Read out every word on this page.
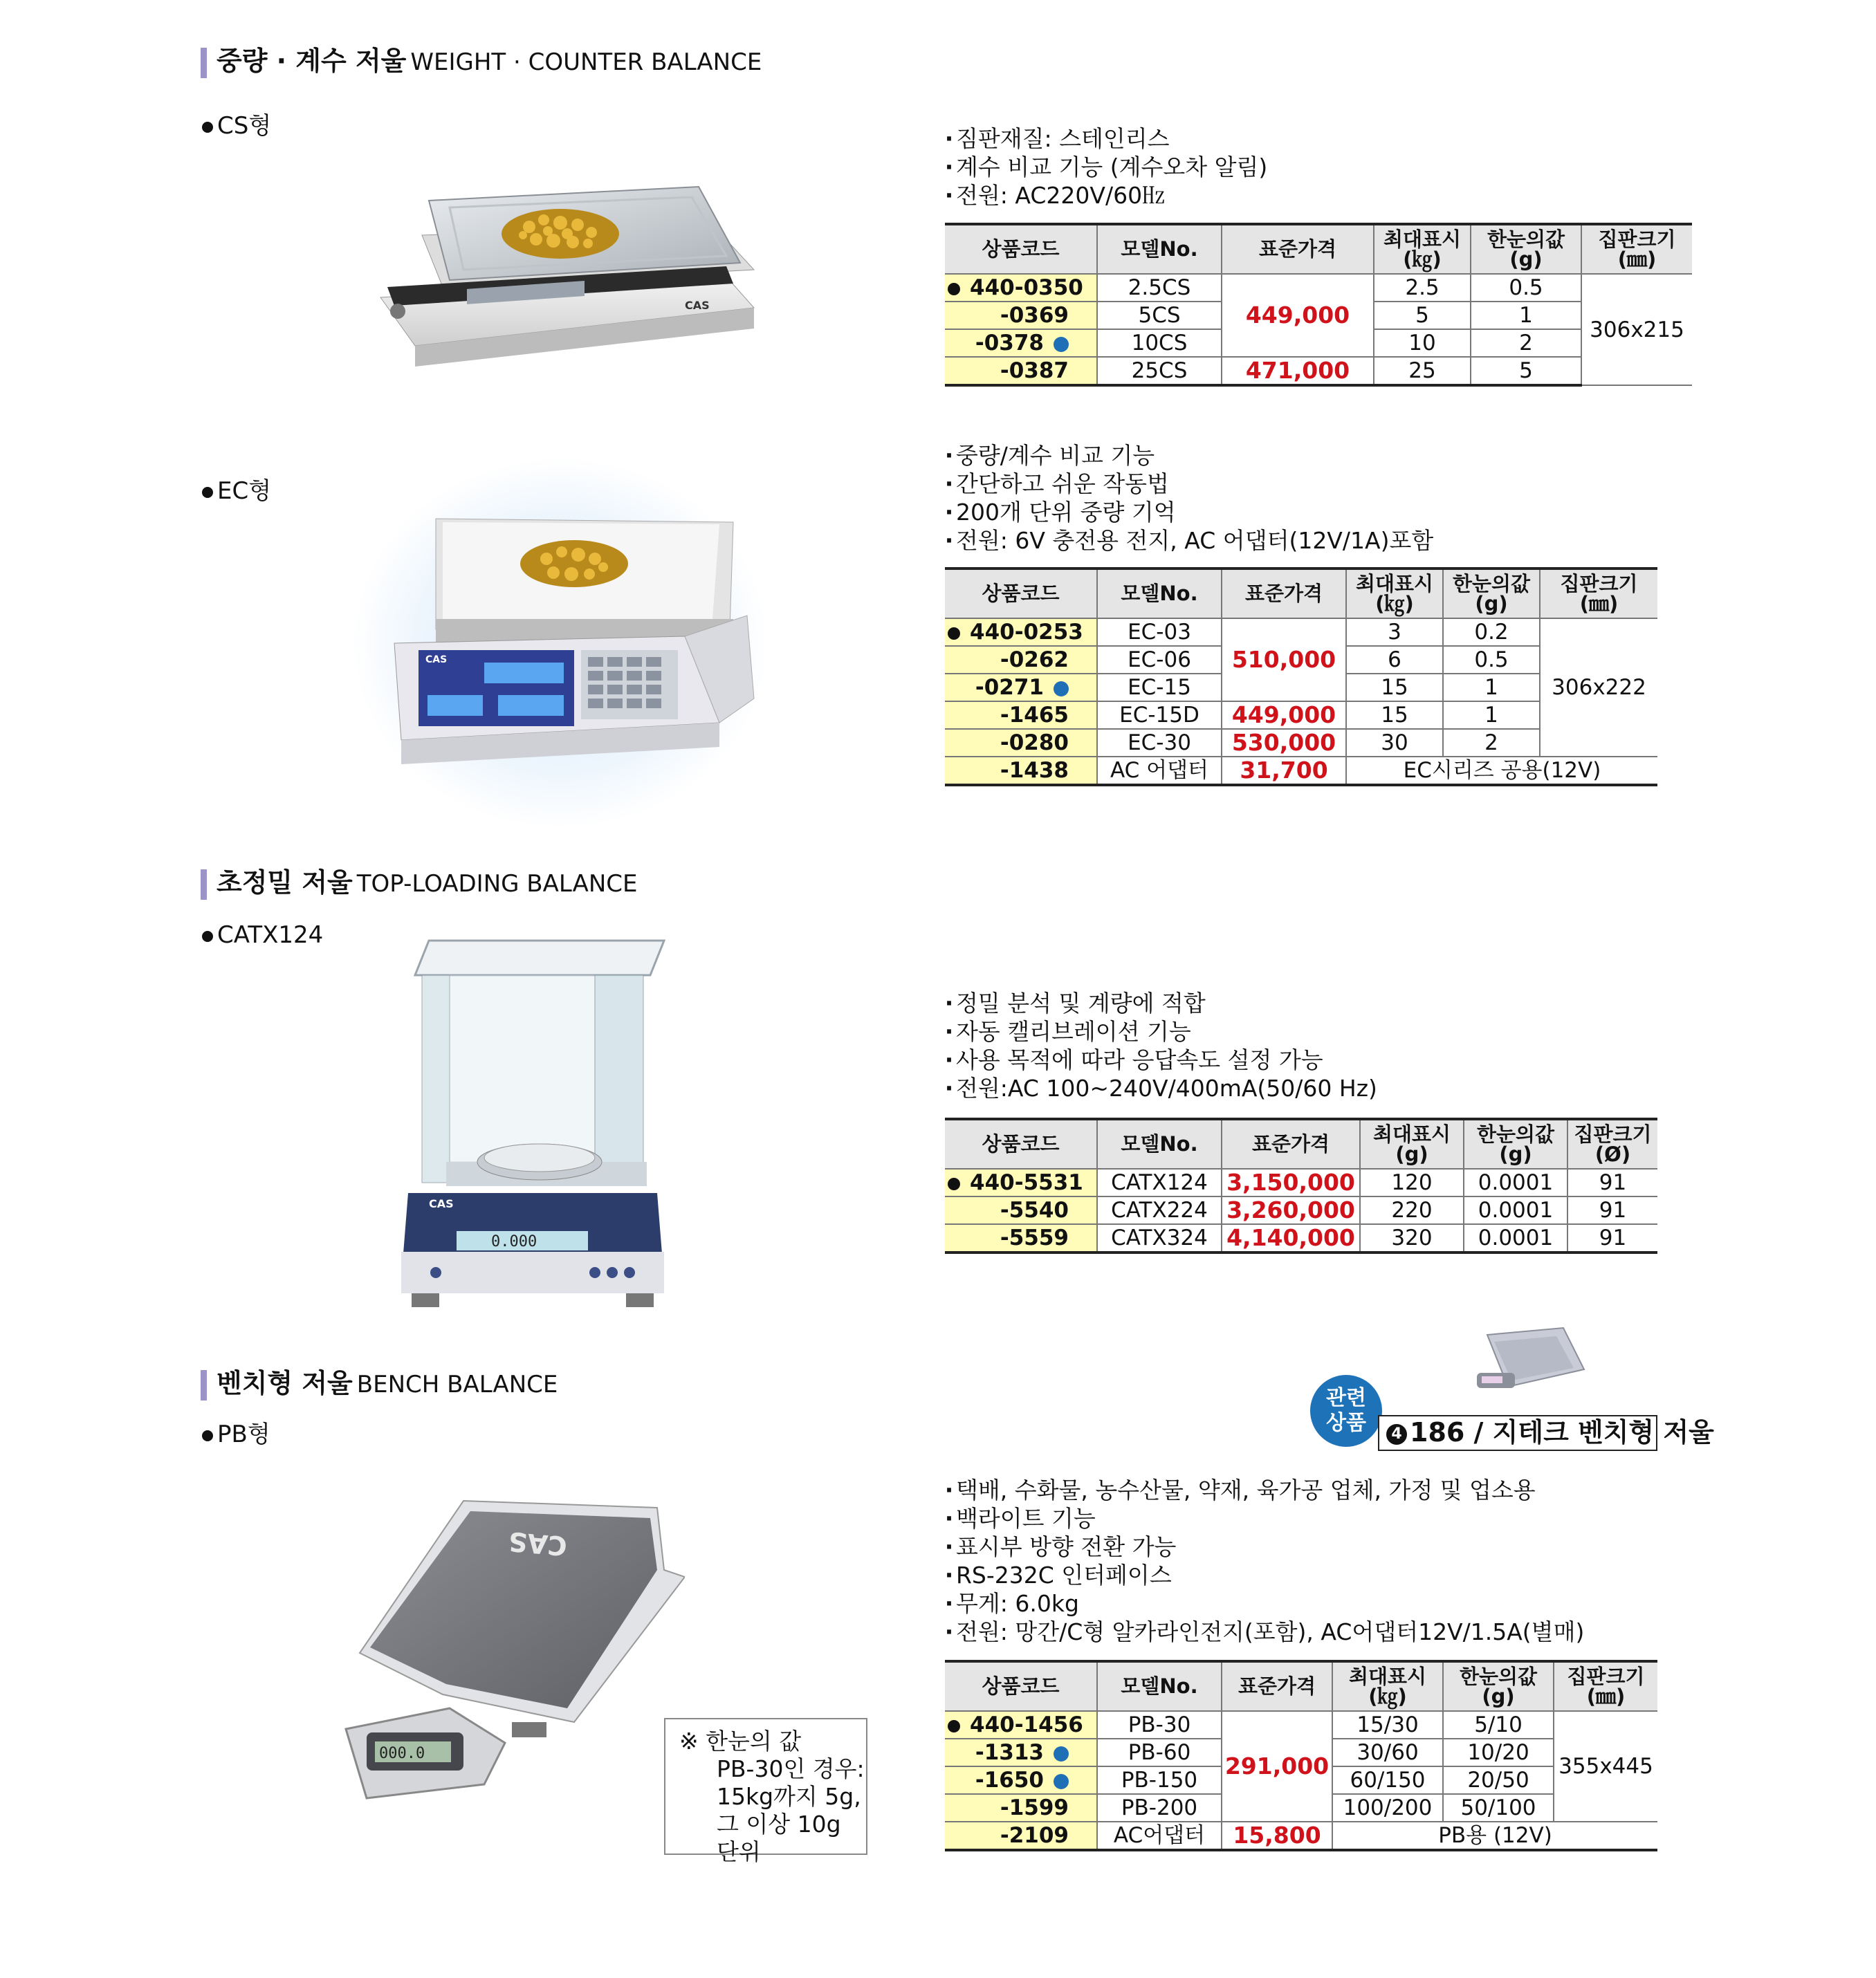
중량 · 계수 저울 WEIGHT · COUNTER BALANCE
CS형
CAS
· 짐판재질: 스테인리스
· 계수 비교 기능 (계수오차 알림)
· 전원: AC220V/60㎐
상품코드	모델No.	표준가격	최대표시
(㎏)	한눈의값
(g)	집판크기
(㎜)
440-0350	2.5CS	449,000	2.5	0.5	306x215
-0369	5CS		5	1	
-0378	10CS		10	2	
-0387	25CS	471,000	25	5	
EC형
CAS
· 중량/계수 비교 기능
· 간단하고 쉬운 작동법
· 200개 단위 중량 기억
· 전원: 6V 충전용 전지, AC 어댑터(12V/1A)포함
상품코드	모델No.	표준가격	최대표시
(㎏)	한눈의값
(g)	집판크기
(㎜)
440-0253	EC-03	510,000	3	0.2	306x222
-0262	EC-06		6	0.5	
-0271	EC-15		15	1	
-1465	EC-15D	449,000	15	1	
-0280	EC-30	530,000	30	2	
-1438	AC 어댑터	31,700	EC시리즈 공용(12V)		
초정밀 저울 TOP-LOADING BALANCE
CATX124
0.000
CAS
· 정밀 분석 및 계량에 적합
· 자동 캘리브레이션 기능
· 사용 목적에 따라 응답속도 설정 가능
· 전원:AC 100~240V/400mA(50/60 Hz)
상품코드	모델No.	표준가격	최대표시
(g)	한눈의값
(g)	집판크기
(Ø)
440-5531	CATX124	3,150,000	120	0.0001	91
-5540	CATX224	3,260,000	220	0.0001	91
-5559	CATX324	4,140,000	320	0.0001	91
벤치형 저울 BENCH BALANCE
PB형
관련
상품	4 186 / 지테크 벤치형 저울
CAS
000.0	※ 한눈의 값
PB-30인 경우:
15kg까지 5g,
그 이상 10g 단위
· 택배, 수화물, 농수산물, 약재, 육가공 업체, 가정 및 업소용
· 백라이트 기능
· 표시부 방향 전환 가능
· RS-232C 인터페이스
· 무게: 6.0kg
· 전원: 망간/C형 알카라인전지(포함), AC어댑터12V/1.5A(별매)
상품코드	모델No.	표준가격	최대표시
(㎏)	한눈의값
(g)	집판크기
(㎜)
440-1456	PB-30	291,000	15/30	5/10	355x445
-1313	PB-60		30/60	10/20	
-1650	PB-150		60/150	20/50	
-1599	PB-200		100/200	50/100	
-2109	AC어댑터	15,800	PB용 (12V)		
